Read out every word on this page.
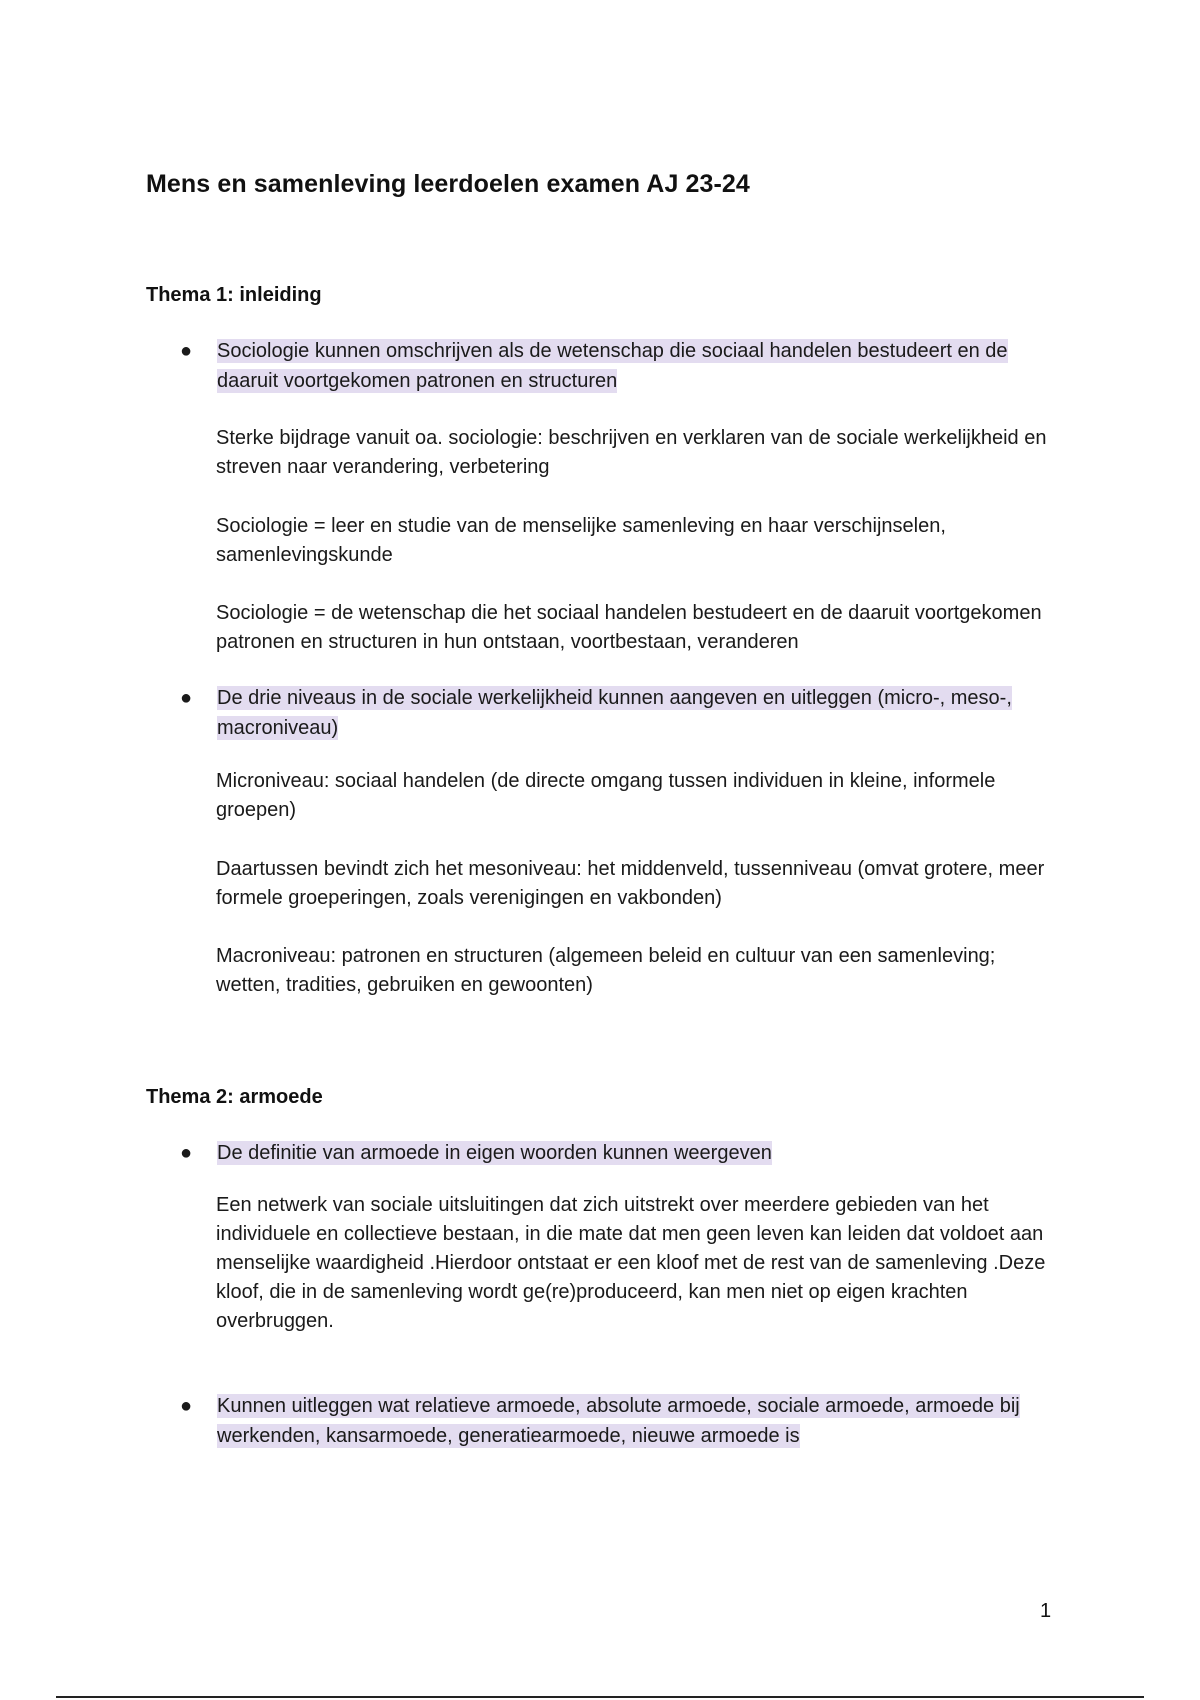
Mens en samenleving leerdoelen examen AJ 23-24
Thema 1: inleiding
●	Sociologie kunnen omschrijven als de wetenschap die sociaal handelen bestudeert en de daaruit voortgekomen patronen en structuren

Sterke bijdrage vanuit oa. sociologie: beschrijven en verklaren van de sociale werkelijkheid en streven naar verandering, verbetering

Sociologie = leer en studie van de menselijke samenleving en haar verschijnselen, samenlevingskunde

Sociologie = de wetenschap die het sociaal handelen bestudeert en de daaruit voortgekomen patronen en structuren in hun ontstaan, voortbestaan, veranderen

●	De drie niveaus in de sociale werkelijkheid kunnen aangeven en uitleggen (micro-, meso-, macroniveau)

Microniveau: sociaal handelen (de directe omgang tussen individuen in kleine, informele groepen)

Daartussen bevindt zich het mesoniveau: het middenveld, tussenniveau (omvat grotere, meer formele groeperingen, zoals verenigingen en vakbonden)

Macroniveau: patronen en structuren (algemeen beleid en cultuur van een samenleving; wetten, tradities, gebruiken en gewoonten)

Thema 2: armoede
●	De definitie van armoede in eigen woorden kunnen weergeven

Een netwerk van sociale uitsluitingen dat zich uitstrekt over meerdere gebieden van het individuele en collectieve bestaan, in die mate dat men geen leven kan leiden dat voldoet aan menselijke waardigheid .Hierdoor ontstaat er een kloof met de rest van de samenleving .Deze kloof, die in de samenleving wordt ge(re)produceerd, kan men niet op eigen krachten overbruggen.

●	Kunnen uitleggen wat relatieve armoede, absolute armoede, sociale armoede, armoede bij werkenden, kansarmoede, generatiearmoede, nieuwe armoede is
1
